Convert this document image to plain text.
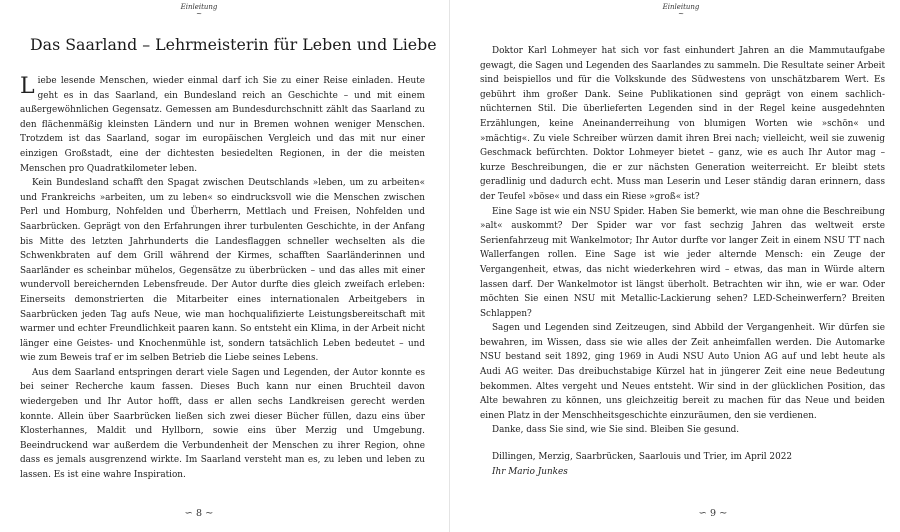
Einleitung
~
Das Saarland – Lehrmeisterin für Leben und Liebe

Liebe lesende Menschen, wieder einmal darf ich Sie zu einer Reise einladen. Heute geht es in das Saarland, ein Bundesland reich an Geschichte – und mit einem außergewöhnlichen Gegensatz. Gemessen am Bundesdurchschnitt zählt das Saarland zu den flächenmäßig kleinsten Ländern und nur in Bremen wohnen weniger Menschen. Trotzdem ist das Saarland, sogar im europäischen Vergleich und das mit nur einer einzigen Großstadt, eine der dichtesten besiedelten Regionen, in der die meisten Menschen pro Quadratkilometer leben.

Kein Bundesland schafft den Spagat zwischen Deutschlands »leben, um zu arbeiten« und Frankreichs »arbeiten, um zu leben« so eindrucksvoll wie die Menschen zwischen Perl und Homburg, Nohfelden und Überherrn, Mettlach und Freisen, Nohfelden und Saarbrücken. Geprägt von den Erfahrungen ihrer turbulenten Geschichte, in der Anfang bis Mitte des letzten Jahrhunderts die Landesflaggen schneller wechselten als die Schwenkbraten auf dem Grill während der Kirmes, schafften Saarländerinnen und Saarländer es scheinbar mühelos, Gegensätze zu überbrücken – und das alles mit einer wundervoll bereichernden Lebensfreude. Der Autor durfte dies gleich zweifach erleben: Einerseits demonstrierten die Mitarbeiter eines internationalen Arbeitgebers in Saarbrücken jeden Tag aufs Neue, wie man hochqualifizierte Leistungsbereitschaft mit warmer und echter Freundlichkeit paaren kann. So entsteht ein Klima, in der Arbeit nicht länger eine Geistes- und Knochenmühle ist, sondern tatsächlich Leben bedeutet – und wie zum Beweis traf er im selben Betrieb die Liebe seines Lebens.

Aus dem Saarland entspringen derart viele Sagen und Legenden, der Autor konnte es bei seiner Recherche kaum fassen. Dieses Buch kann nur einen Bruchteil davon wiedergeben und Ihr Autor hofft, dass er allen sechs Landkreisen gerecht werden konnte. Allein über Saarbrücken ließen sich zwei dieser Bücher füllen, dazu eins über Klosterhannes, Maldit und Hyllborn, sowie eins über Merzig und Umgebung. Beeindruckend war außerdem die Verbundenheit der Menschen zu ihrer Region, ohne dass es jemals ausgrenzend wirkte. Im Saarland versteht man es, zu leben und leben zu lassen. Es ist eine wahre Inspiration.

∽ 8 ∼
Einleitung
~

Doktor Karl Lohmeyer hat sich vor fast einhundert Jahren an die Mammutaufgabe gewagt, die Sagen und Legenden des Saarlandes zu sammeln. Die Resultate seiner Arbeit sind beispiellos und für die Volkskunde des Südwestens von unschätzbarem Wert. Es gebührt ihm großer Dank. Seine Publikationen sind geprägt von einem sachlich-nüchternen Stil. Die überlieferten Legenden sind in der Regel keine ausgedehnten Erzählungen, keine Aneinanderreihung von blumigen Worten wie »schön« und »mächtig«. Zu viele Schreiber würzen damit ihren Brei nach; vielleicht, weil sie zuwenig Geschmack befürchten. Doktor Lohmeyer bietet – ganz, wie es auch Ihr Autor mag – kurze Beschreibungen, die er zur nächsten Generation weiterreicht. Er bleibt stets geradlinig und dadurch echt. Muss man Leserin und Leser ständig daran erinnern, dass der Teufel »böse« und dass ein Riese »groß« ist?

Eine Sage ist wie ein NSU Spider. Haben Sie bemerkt, wie man ohne die Beschreibung »alt« auskommt? Der Spider war vor fast sechzig Jahren das weltweit erste Serienfahrzeug mit Wankelmotor; Ihr Autor durfte vor langer Zeit in einem NSU TT nach Wallerfangen rollen. Eine Sage ist wie jeder alternde Mensch: ein Zeuge der Vergangenheit, etwas, das nicht wiederkehren wird – etwas, das man in Würde altern lassen darf. Der Wankelmotor ist längst überholt. Betrachten wir ihn, wie er war. Oder möchten Sie einen NSU mit Metallic-Lackierung sehen? LED-Scheinwerfern? Breiten Schlappen?

Sagen und Legenden sind Zeitzeugen, sind Abbild der Vergangenheit. Wir dürfen sie bewahren, im Wissen, dass sie wie alles der Zeit anheimfallen werden. Die Automarke NSU bestand seit 1892, ging 1969 in Audi NSU Auto Union AG auf und lebt heute als Audi AG weiter. Das dreibuchstabige Kürzel hat in jüngerer Zeit eine neue Bedeutung bekommen. Altes vergeht und Neues entsteht. Wir sind in der glücklichen Position, das Alte bewahren zu können, uns gleichzeitig bereit zu machen für das Neue und beiden einen Platz in der Menschheitsgeschichte einzuräumen, den sie verdienen.

Danke, dass Sie sind, wie Sie sind. Bleiben Sie gesund.

Dillingen, Merzig, Saarbrücken, Saarlouis und Trier, im April 2022

Ihr Mario Junkes

∽ 9 ∼
